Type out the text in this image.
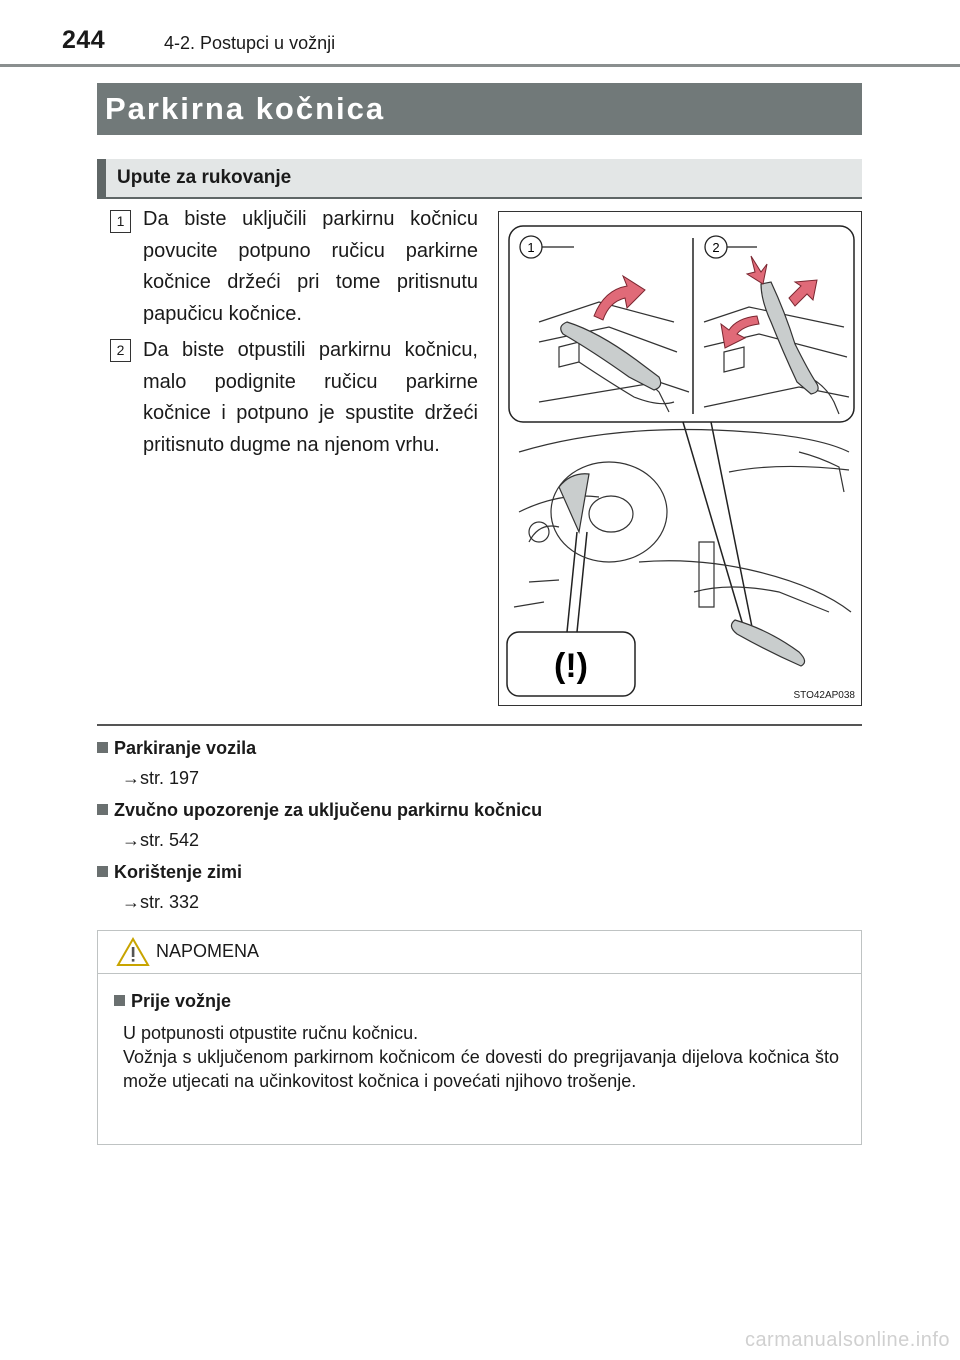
244	4-2. Postupci u vožnji
Parkirna kočnica
Upute za rukovanje
1 Da biste uključili parkirnu kočnicu povucite potpuno ručicu parkirne kočnice držeći pri tome pritisnutu papučicu kočnice.
2 Da biste otpustili parkirnu kočnicu, malo podignite ručicu parkirne kočnice i potpuno je spustite držeći pritisnuto dugme na njenom vrhu.
1	2
(!)
STO42AP038
Parkiranje vozila
→str. 197
Zvučno upozorenje za uključenu parkirnu kočnicu
→str. 542
Korištenje zimi
→str. 332
NAPOMENA
Prije vožnje

U potpunosti otpustite ručnu kočnicu.

Vožnja s uključenom parkirnom kočnicom će dovesti do pregrijavanja dijelova kočnica što može utjecati na učinkovitost kočnica i povećati njihovo trošenje.

carmanualsonline.info
